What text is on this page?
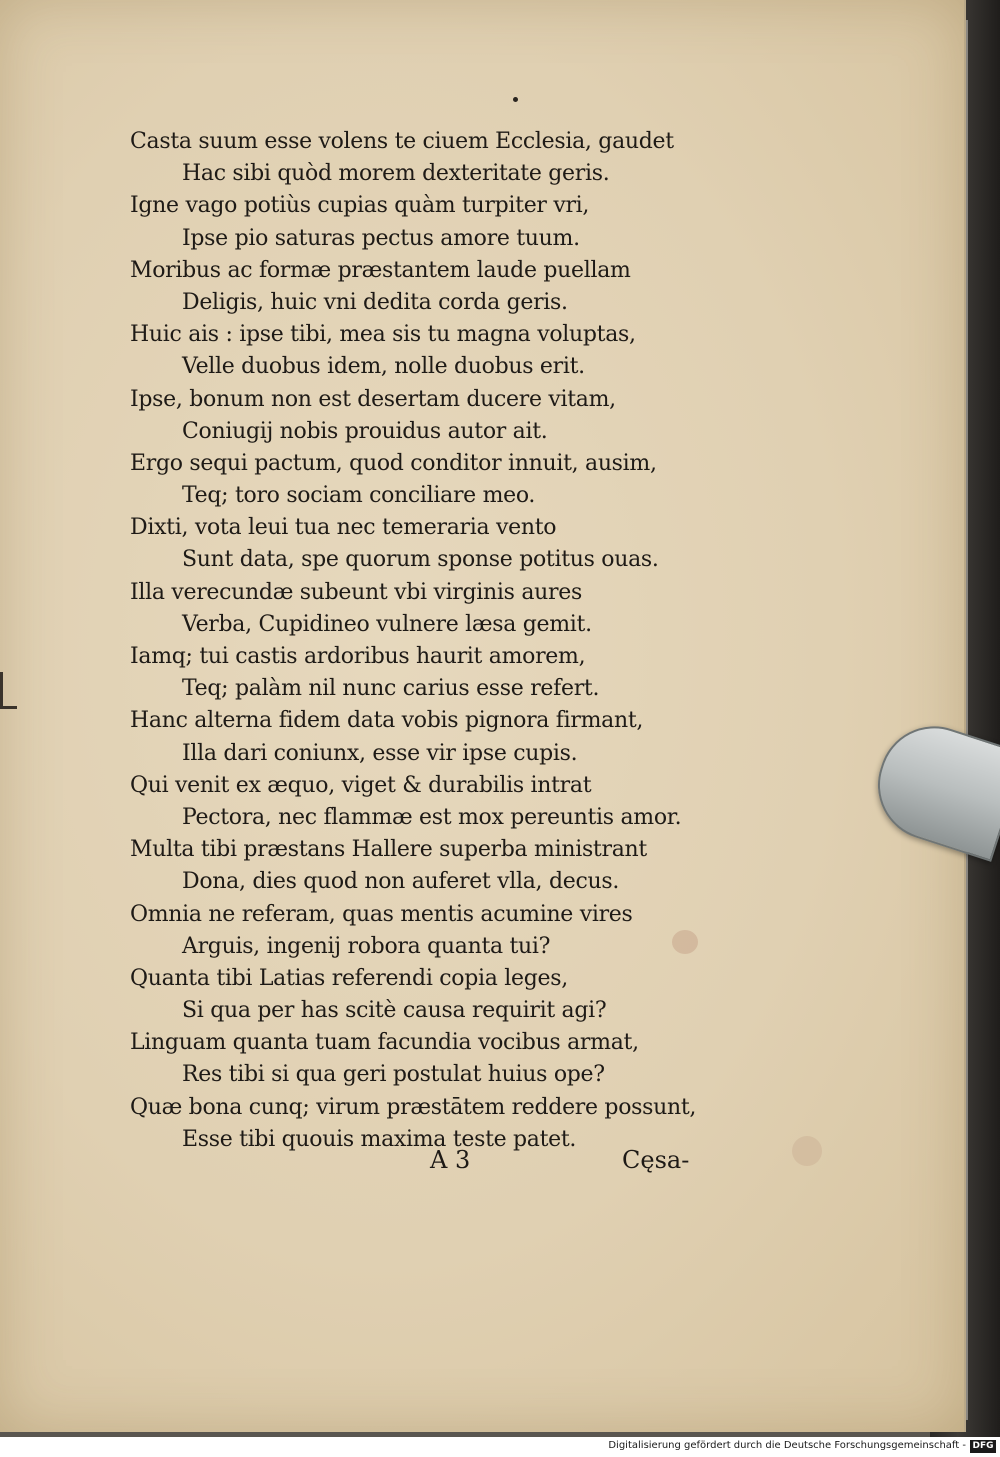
Casta suum esse volens te ciuem Ecclesia, gaudet
Hac sibi quòd morem dexteritate geris.
Igne vago potiùs cupias quàm turpiter vri,
Ipse pio saturas pectus amore tuum.
Moribus ac formæ præstantem laude puellam
Deligis, huic vni dedita corda geris.
Huic ais : ipse tibi, mea sis tu magna voluptas,
Velle duobus idem, nolle duobus erit.
Ipse, bonum non est desertam ducere vitam,
Coniugij nobis prouidus autor ait.
Ergo sequi pactum, quod conditor innuit, ausim,
Teq; toro sociam conciliare meo.
Dixti, vota leui tua nec temeraria vento
Sunt data, spe quorum sponse potitus ouas.
Illa verecundæ subeunt vbi virginis aures
Verba, Cupidineo vulnere læsa gemit.
Iamq; tui castis ardoribus haurit amorem,
Teq; palàm nil nunc carius esse refert.
Hanc alterna fidem data vobis pignora firmant,
Illa dari coniunx, esse vir ipse cupis.
Qui venit ex æquo, viget & durabilis intrat
Pectora, nec flammæ est mox pereuntis amor.
Multa tibi præstans Hallere superba ministrant
Dona, dies quod non auferet vlla, decus.
Omnia ne referam, quas mentis acumine vires
Arguis, ingenij robora quanta tui?
Quanta tibi Latias referendi copia leges,
Si qua per has scitè causa requirit agi?
Linguam quanta tuam facundia vocibus armat,
Res tibi si qua geri postulat huius ope?
Quæ bona cunq; virum præstātem reddere possunt,
Esse tibi quouis maxima teste patet.
A 3	Cęsa-
Digitalisierung gefördert durch die Deutsche Forschungsgemeinschaft - DFG
